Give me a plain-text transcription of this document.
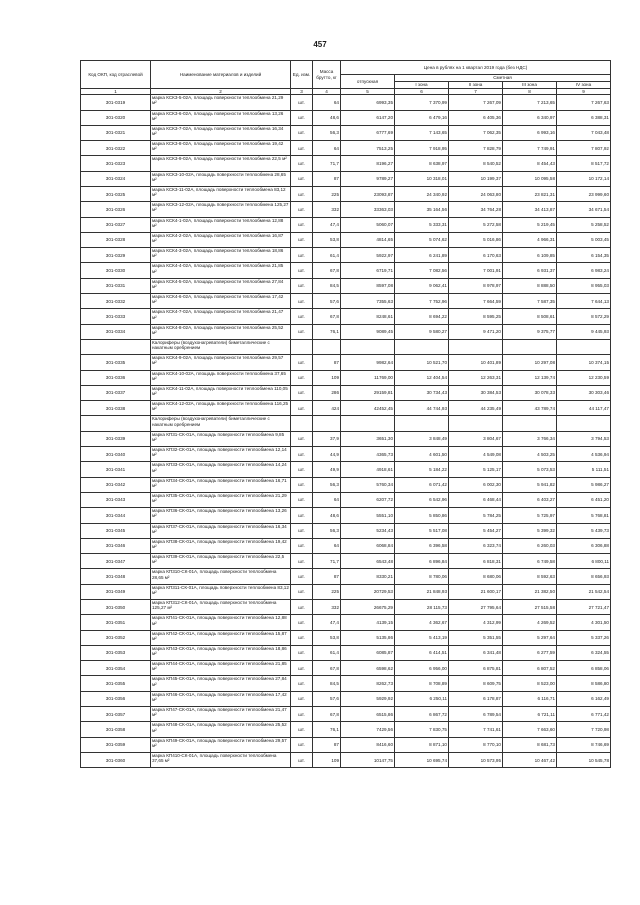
457
Код ОКП, код отраслевой	Наименование материалов и изделий	Ед. изм.	Масса брутто, кг	Цена в рублях на 1 квартал 2019 года (без НДС)				
				отпускная	Сметная			
					I зона	II зона	III зона	IV зона
1	2	3	4	5	6	7	8	9
301-0319	марка КСК3-5-02А, площадь поверхности теплообмена 21,29 м²	шт.	64	6993,35	7 370,99	7 267,09	7 213,65	7 267,63
301-0320	марка КСК3-6-02А, площадь поверхности теплообмена 13,26 м²	шт.	48,6	6147,20	6 479,16	6 405,36	6 340,97	6 388,31
301-0321	марка КСК3-7-02А, площадь поверхности теплообмена 16,34 м²	шт.	56,3	6777,69	7 143,65	7 062,35	6 993,16	7 043,48
301-0322	марка КСК3-8-02А, площадь поверхности теплообмена 19,42 м²	шт.	64	7513,25	7 918,95	7 828,79	7 749,91	7 807,92
301-0323	марка КСК3-9-02А, площадь поверхности теплообмена 22,5 м²	шт.	71,7	8196,27	8 638,97	8 540,52	8 454,43	8 517,72
301-0324	марка КСК3-10-02А, площадь поверхности теплообмена 28,65 м²	шт.	87	9789,27	10 318,01	10 199,37	10 095,58	10 172,14
301-0325	марка КСК3-11-02А, площадь поверхности теплообмена 83,12 м²	шт.	225	23093,87	24 340,92	24 063,80	23 821,31	23 999,60
301-0326	марка КСК3-12-02А, площадь поверхности теплообмена 125,27 м²	шт.	332	33363,03	35 164,56	34 764,28	34 413,87	34 671,54
301-0327	марка КСК4-1-02А, площадь поверхности теплообмена 12,88 м²	шт.	47,4	5060,07	5 333,31	5 272,58	5 219,45	5 258,52
301-0328	марка КСК4-2-02А, площадь поверхности теплообмена 16,87 м²	шт.	53,8	4814,65	5 074,62	5 016,86	4 966,31	5 003,45
301-0329	марка КСК4-3-02А, площадь поверхности теплообмена 18,86 м²	шт.	61,4	5922,97	6 241,89	6 170,63	6 109,85	6 154,35
301-0330	марка КСК4-4-02А, площадь поверхности теплообмена 21,85 м²	шт.	67,8	6719,71	7 082,56	7 001,91	6 931,37	6 983,24
301-0331	марка КСК4-5-02А, площадь поверхности теплообмена 27,84 м²	шт.	84,5	8597,08	9 062,41	8 978,97	8 888,50	8 955,03
301-0332	марка КСК4-6-02А, площадь поверхности теплообмена 17,42 м²	шт.	57,6	7355,63	7 752,96	7 664,59	7 587,35	7 644,13
301-0333	марка КСК4-7-02А, площадь поверхности теплообмена 21,47 м²	шт.	67,8	8248,61	8 694,22	8 595,25	8 508,61	8 572,29
301-0334	марка КСК4-8-02А, площадь поверхности теплообмена 25,52 м²	шт.	76,1	9089,45	9 580,27	9 471,20	9 375,77	9 445,93
	Калориферы (воздухонагреватели) биметаллические с накатным оребрением							
301-0335	марка КСК4-9-02А, площадь поверхности теплообмена 29,57 м²	шт.	87	9982,64	10 521,70	10 401,89	10 297,08	10 374,15
301-0336	марка КСК4-10-02А, площадь поверхности теплообмена 37,65 м²	шт.	109	11769,00	12 404,54	12 263,31	12 139,74	12 230,59
301-0337	марка КСК4-11-02А, площадь поверхности теплообмена 110,05 м²	шт.	286	29159,81	30 734,43	30 384,53	30 078,33	30 303,46
301-0338	марка КСК4-12-02А, площадь поверхности теплообмена 116,25 м²	шт.	424	42452,45	44 744,93	44 235,49	43 789,74	44 117,47
	Калориферы (воздухонагреватели) биметаллические с накатным оребрением							
301-0339	марка КП31-СК-01А, площадь поверхности теплообмена 9,85 м²	шт.	37,9	3651,30	3 848,49	3 804,67	3 766,34	3 794,53
301-0340	марка КП32-СК-01А, площадь поверхности теплообмена 12,14 м²	шт.	44,9	4365,73	4 601,50	4 549,08	4 503,25	4 536,94
301-0341	марка КП33-СК-01А, площадь поверхности теплообмена 14,24 м²	шт.	49,9	4918,61	5 184,22	5 125,17	5 073,53	5 111,51
301-0342	марка КП34-СК-01А, площадь поверхности теплообмена 16,71 м²	шт.	56,3	5760,34	6 071,42	6 002,30	5 941,82	5 986,27
301-0343	марка КП35-СК-01А, площадь поверхности теплообмена 21,29 м²	шт.	64	6207,72	6 542,96	6 468,44	6 403,27	6 451,20
301-0344	марка КП36-СК-01А, площадь поверхности теплообмена 13,26 м²	шт.	48,6	5551,10	5 850,86	5 784,25	5 725,97	5 768,81
301-0345	марка КП37-СК-01А, площадь поверхности теплообмена 16,34 м²	шт.	56,3	5234,43	5 517,08	5 454,27	5 399,32	5 439,73
301-0346	марка КП38-СК-01А, площадь поверхности теплообмена 19,42 м²	шт.	64	6068,84	6 396,58	6 323,74	6 260,03	6 306,88
301-0347	марка КП39-СК-01А, площадь поверхности теплообмена 22,5 м²	шт.	71,7	6543,48	6 896,84	6 818,31	6 749,58	6 800,11
301-0348	марка КП310-СК-01А, площадь поверхности теплообмена 28,65 м²	шт.	87	8330,21	8 780,06	8 680,06	8 592,63	8 656,93
301-0349	марка КП311-СК-01А, площадь поверхности теплообмена 83,12 м²	шт.	225	20729,53	21 848,93	21 600,17	21 382,50	21 542,54
301-0350	марка КП312-СК-01А, площадь поверхности теплообмена 125,27 м²	шт.	332	26675,29	28 115,73	27 795,64	27 515,58	27 721,47
301-0351	марка КП41-СК-01А, площадь поверхности теплообмена 12,88 м²	шт.	47,4	4139,15	4 362,67	4 312,99	4 269,52	4 301,50
301-0352	марка КП42-СК-01А, площадь поверхности теплообмена 15,87 м²	шт.	53,8	5135,86	5 413,19	5 351,55	5 297,64	5 337,26
301-0353	марка КП43-СК-01А, площадь поверхности теплообмена 18,86 м²	шт.	61,4	6085,87	6 414,51	6 341,48	6 277,59	6 324,55
301-0354	марка КП44-СК-01А, площадь поверхности теплообмена 21,85 м²	шт.	67,8	6598,62	6 956,00	6 875,81	6 807,52	6 858,06
301-0355	марка КП45-СК-01А, площадь поверхности теплообмена 27,84 м²	шт.	84,5	8262,73	8 708,89	8 609,75	8 523,00	8 586,80
301-0356	марка КП46-СК-01А, площадь поверхности теплообмена 17,42 м²	шт.	57,6	5929,92	6 250,11	6 178,87	6 116,71	6 162,49
301-0357	марка КП47-СК-01А, площадь поверхности теплообмена 21,47 м²	шт.	67,8	6515,86	6 867,72	6 789,54	6 721,11	6 771,42
301-0358	марка КП48-СК-01А, площадь поверхности теплообмена 25,52 м²	шт.	76,1	7429,56	7 830,75	7 741,61	7 663,60	7 720,98
301-0359	марка КП49-СК-01А, площадь поверхности теплообмена 29,57 м²	шт.	87	8416,60	8 871,10	8 770,10	8 681,73	8 746,69
301-0360	марка КП410-СК-01А, площадь поверхности теплообмена 37,65 м²	шт.	109	10147,75	10 695,74	10 573,95	10 467,42	10 545,78
